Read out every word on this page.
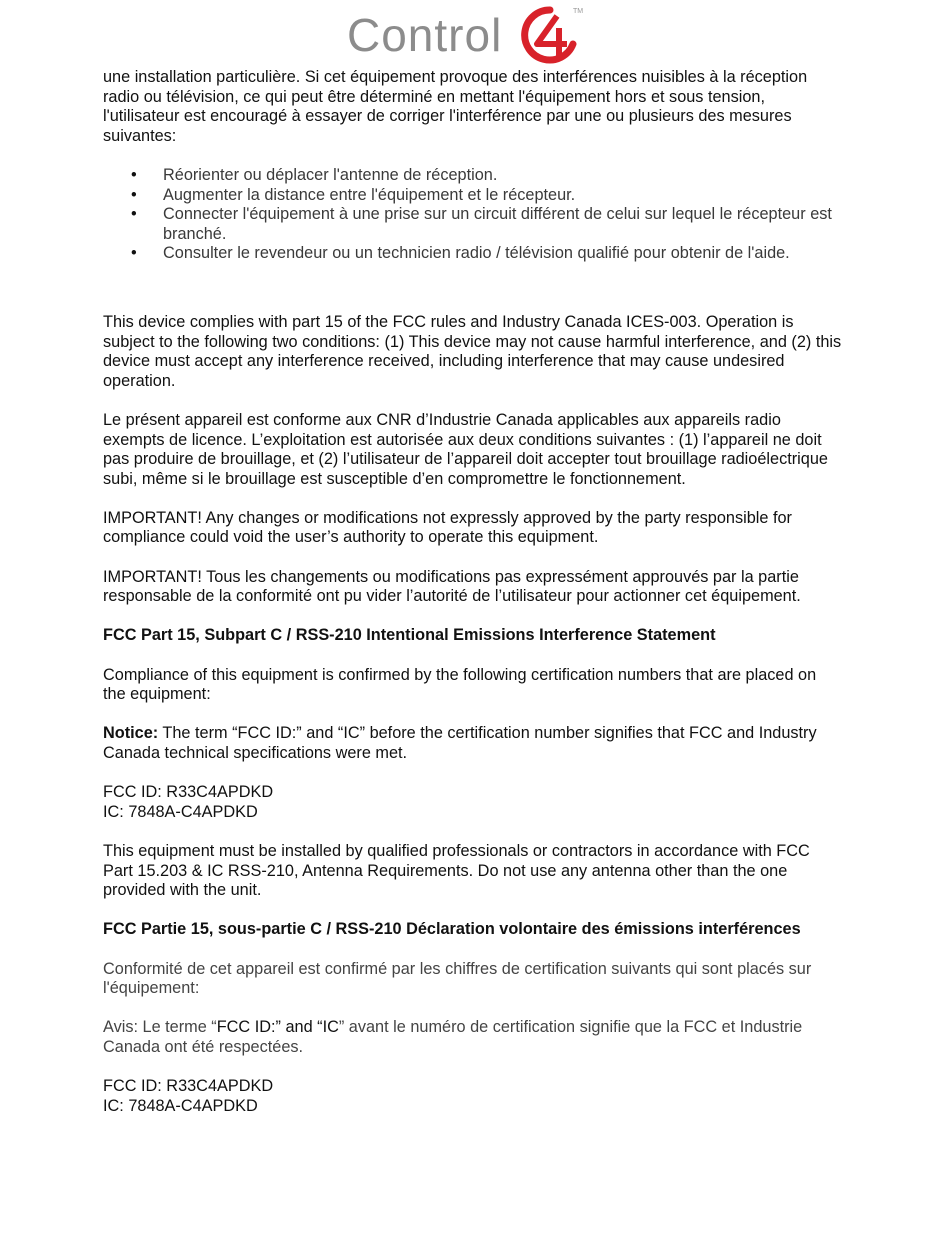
Control	TM

une installation particulière. Si cet équipement provoque des interférences nuisibles à la réception radio ou télévision, ce qui peut être déterminé en mettant l'équipement hors et sous tension, l'utilisateur est encouragé à essayer de corriger l'interférence par une ou plusieurs des mesures suivantes:

• Réorienter ou déplacer l'antenne de réception.
• Augmenter la distance entre l'équipement et le récepteur.
• Connecter l'équipement à une prise sur un circuit différent de celui sur lequel le récepteur est branché.
• Consulter le revendeur ou un technicien radio / télévision qualifié pour obtenir de l'aide.

This device complies with part 15 of the FCC rules and Industry Canada ICES-003. Operation is subject to the following two conditions: (1) This device may not cause harmful interference, and (2) this device must accept any interference received, including interference that may cause undesired operation.

Le présent appareil est conforme aux CNR d’Industrie Canada applicables aux appareils radio exempts de licence. L’exploitation est autorisée aux deux conditions suivantes : (1) l’appareil ne doit pas produire de brouillage, et (2) l’utilisateur de l’appareil doit accepter tout brouillage radioélectrique subi, même si le brouillage est susceptible d’en compromettre le fonctionnement.

IMPORTANT! Any changes or modifications not expressly approved by the party responsible for compliance could void the user’s authority to operate this equipment.

IMPORTANT! Tous les changements ou modifications pas expressément approuvés par la partie responsable de la conformité ont pu vider l’autorité de l’utilisateur pour actionner cet équipement.

FCC Part 15, Subpart C / RSS-210 Intentional Emissions Interference Statement

Compliance of this equipment is confirmed by the following certification numbers that are placed on the equipment:

Notice: The term “FCC ID:” and “IC” before the certification number signifies that FCC and Industry Canada technical specifications were met.

FCC ID: R33C4APDKD

IC: 7848A-C4APDKD

This equipment must be installed by qualified professionals or contractors in accordance with FCC Part 15.203 & IC RSS-210, Antenna Requirements. Do not use any antenna other than the one provided with the unit.

FCC Partie 15, sous-partie C / RSS-210 Déclaration volontaire des émissions interférences

Conformité de cet appareil est confirmé par les chiffres de certification suivants qui sont placés sur l'équipement:

Avis: Le terme “FCC ID:” and “IC” avant le numéro de certification signifie que la FCC et Industrie Canada ont été respectées.

FCC ID: R33C4APDKD

IC: 7848A-C4APDKD
